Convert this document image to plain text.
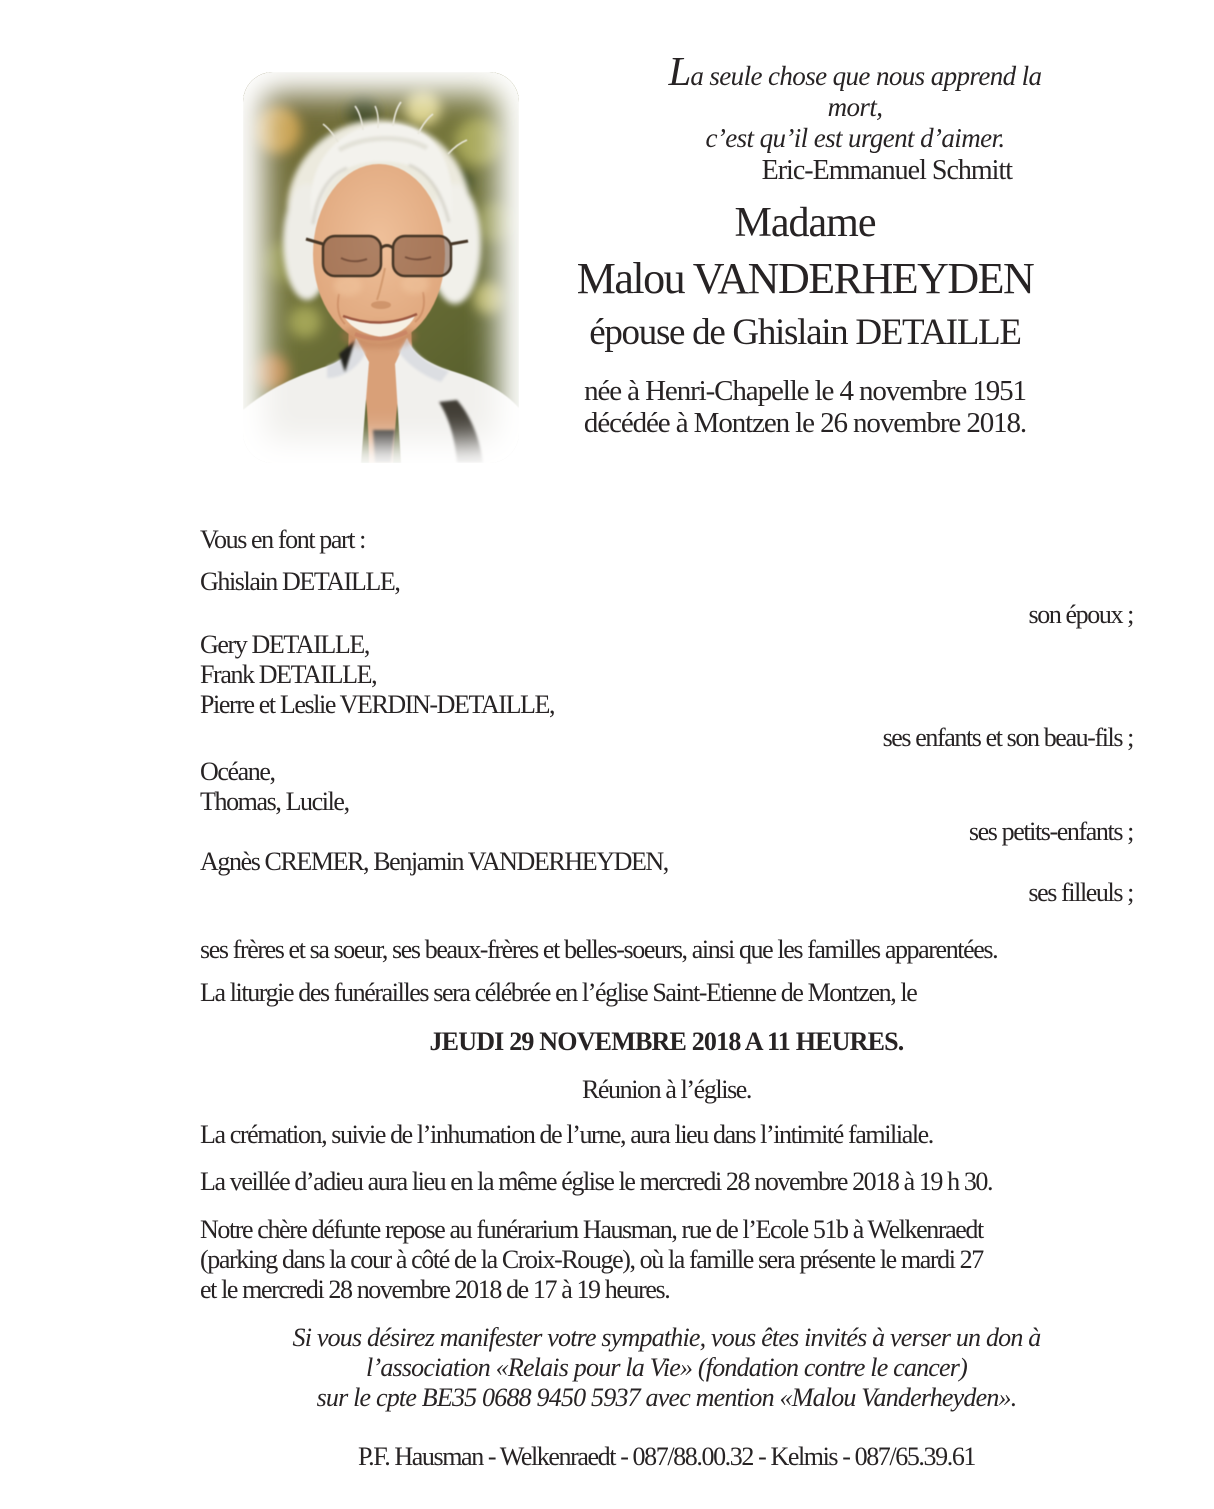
La seule chose que nous apprend la mort,
c’est qu’il est urgent d’aimer.
Eric-Emmanuel Schmitt
Madame
Malou VANDERHEYDEN
épouse de Ghislain DETAILLE
née à Henri-Chapelle le 4 novembre 1951
décédée à Montzen le 26 novembre 2018.
Vous en font part :
Ghislain DETAILLE,
son époux ;
Gery DETAILLE,
Frank DETAILLE,
Pierre et Leslie VERDIN-DETAILLE,
ses enfants et son beau-fils ;
Océane,
Thomas, Lucile,
ses petits-enfants ;
Agnès CREMER, Benjamin VANDERHEYDEN,
ses filleuls ;
ses frères et sa soeur, ses beaux-frères et belles-soeurs, ainsi que les familles apparentées.
La liturgie des funérailles sera célébrée en l’église Saint-Etienne de Montzen, le
JEUDI 29 NOVEMBRE 2018 A 11 HEURES.
Réunion à l’église.
La crémation, suivie de l’inhumation de l’urne, aura lieu dans l’intimité familiale.
La veillée d’adieu aura lieu en la même église le mercredi 28 novembre 2018 à 19 h 30.
Notre chère défunte repose au funérarium Hausman, rue de l’Ecole 51b à Welkenraedt
(parking dans la cour à côté de la Croix-Rouge), où la famille sera présente le mardi 27
et le mercredi 28 novembre 2018 de 17 à 19 heures.
Si vous désirez manifester votre sympathie, vous êtes invités à verser un don à
l’association «Relais pour la Vie» (fondation contre le cancer)
sur le cpte BE35 0688 9450 5937 avec mention «Malou Vanderheyden».
P.F. Hausman - Welkenraedt - 087/88.00.32 - Kelmis - 087/65.39.61
